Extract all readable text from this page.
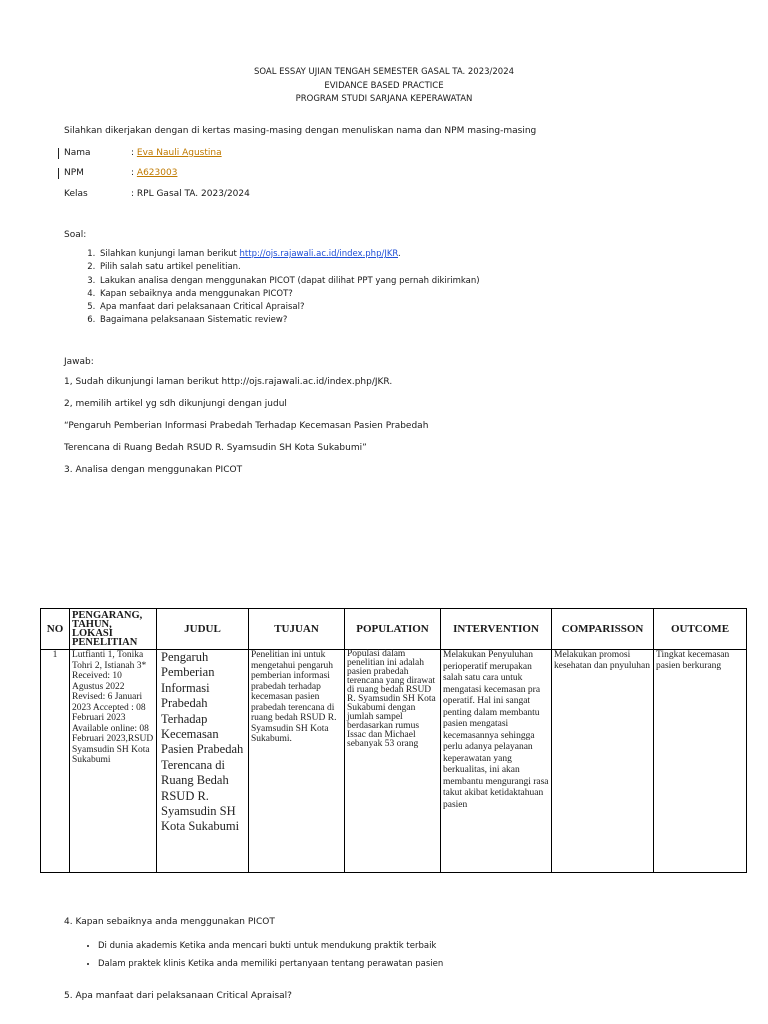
SOAL ESSAY UJIAN TENGAH SEMESTER GASAL TA. 2023/2024
EVIDANCE BASED PRACTICE
PROGRAM STUDI SARJANA KEPERAWATAN
Silahkan dikerjakan dengan di kertas masing-masing dengan menuliskan nama dan NPM masing-masing
Nama	: Eva Nauli Agustina
NPM	: A623003
Kelas	: RPL Gasal TA. 2023/2024
Soal:
1. Silahkan kunjungi laman berikut http://ojs.rajawali.ac.id/index.php/JKR.
2. Pilih salah satu artikel penelitian.
3. Lakukan analisa dengan menggunakan PICOT (dapat dilihat PPT yang pernah dikirimkan)
4. Kapan sebaiknya anda menggunakan PICOT?
5. Apa manfaat dari pelaksanaan Critical Apraisal?
6. Bagaimana pelaksanaan Sistematic review?
Jawab:
1, Sudah dikunjungi laman berikut http://ojs.rajawali.ac.id/index.php/JKR.
2, memilih artikel yg sdh dikunjungi dengan judul
“Pengaruh Pemberian Informasi Prabedah Terhadap Kecemasan Pasien Prabedah
Terencana di Ruang Bedah RSUD R. Syamsudin SH Kota Sukabumi”
3. Analisa dengan menggunakan PICOT
NO	PENGARANG, TAHUN, LOKASI PENELITIAN	JUDUL	TUJUAN	POPULATION	INTERVENTION	COMPARISSON	OUTCOME
1	Lutfianti 1, Tonika Tohri 2, Istianah 3* Received: 10 Agustus 2022 Revised: 6 Januari 2023 Accepted : 08 Februari 2023 Available online: 08 Februari 2023,RSUD Syamsudin SH Kota Sukabumi	Pengaruh Pemberian Informasi Prabedah Terhadap Kecemasan Pasien Prabedah Terencana di Ruang Bedah RSUD R. Syamsudin SH Kota Sukabumi	Penelitian ini untuk mengetahui pengaruh pemberian informasi prabedah terhadap kecemasan pasien prabedah terencana di ruang bedah RSUD R. Syamsudin SH Kota Sukabumi.	Populasi dalam penelitian ini adalah pasien prabedah terencana yang dirawat di ruang bedah RSUD R. Syamsudin SH Kota Sukabumi dengan jumlah sampel berdasarkan rumus Issac dan Michael sebanyak 53 orang	Melakukan Penyuluhan perioperatif merupakan salah satu cara untuk mengatasi kecemasan pra operatif. Hal ini sangat penting dalam membantu pasien mengatasi kecemasannya sehingga perlu adanya pelayanan keperawatan yang berkualitas, ini akan membantu mengurangi rasa takut akibat ketidaktahuan pasien	Melakukan promosi kesehatan dan pnyuluhan	Tingkat kecemasan pasien berkurang
4. Kapan sebaiknya anda menggunakan PICOT
• Di dunia akademis Ketika anda mencari bukti untuk mendukung praktik terbaik
• Dalam praktek klinis Ketika anda memiliki pertanyaan tentang perawatan pasien
5. Apa manfaat dari pelaksanaan Critical Apraisal?
